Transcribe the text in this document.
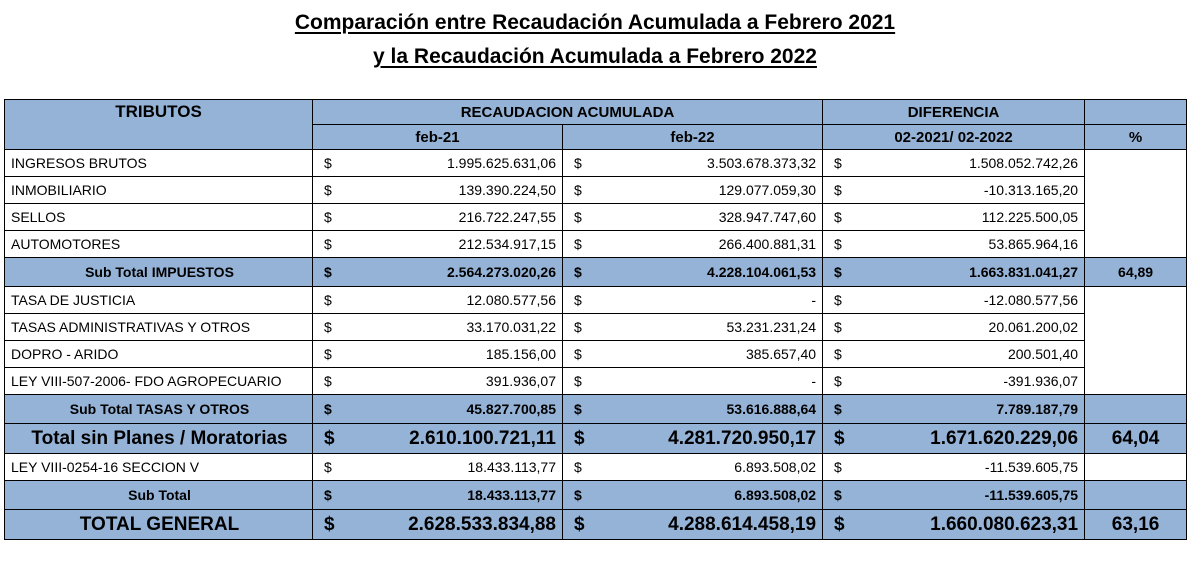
Comparación entre Recaudación Acumulada a Febrero 2021
y la Recaudación Acumulada a Febrero 2022
TRIBUTOS	RECAUDACION ACUMULADA				DIFERENCIA		
	feb-21		feb-22		02-2021/ 02-2022		%
INGRESOS BRUTOS	$	1.995.625.631,06	$	3.503.678.373,32	$	1.508.052.742,26	
INMOBILIARIO	$	139.390.224,50	$	129.077.059,30	$	-10.313.165,20	
SELLOS	$	216.722.247,55	$	328.947.747,60	$	112.225.500,05	
AUTOMOTORES	$	212.534.917,15	$	266.400.881,31	$	53.865.964,16	
Sub Total IMPUESTOS	$	2.564.273.020,26	$	4.228.104.061,53	$	1.663.831.041,27	64,89
TASA DE JUSTICIA	$	12.080.577,56	$	-	$	-12.080.577,56	
TASAS ADMINISTRATIVAS Y OTROS	$	33.170.031,22	$	53.231.231,24	$	20.061.200,02	
DOPRO - ARIDO	$	185.156,00	$	385.657,40	$	200.501,40	
LEY VIII-507-2006- FDO AGROPECUARIO	$	391.936,07	$	-	$	-391.936,07	
Sub Total TASAS Y OTROS	$	45.827.700,85	$	53.616.888,64	$	7.789.187,79	
Total sin Planes / Moratorias	$	2.610.100.721,11	$	4.281.720.950,17	$	1.671.620.229,06	64,04
LEY VIII-0254-16 SECCION V	$	18.433.113,77	$	6.893.508,02	$	-11.539.605,75	
Sub Total	$	18.433.113,77	$	6.893.508,02	$	-11.539.605,75	
TOTAL GENERAL	$	2.628.533.834,88	$	4.288.614.458,19	$	1.660.080.623,31	63,16
